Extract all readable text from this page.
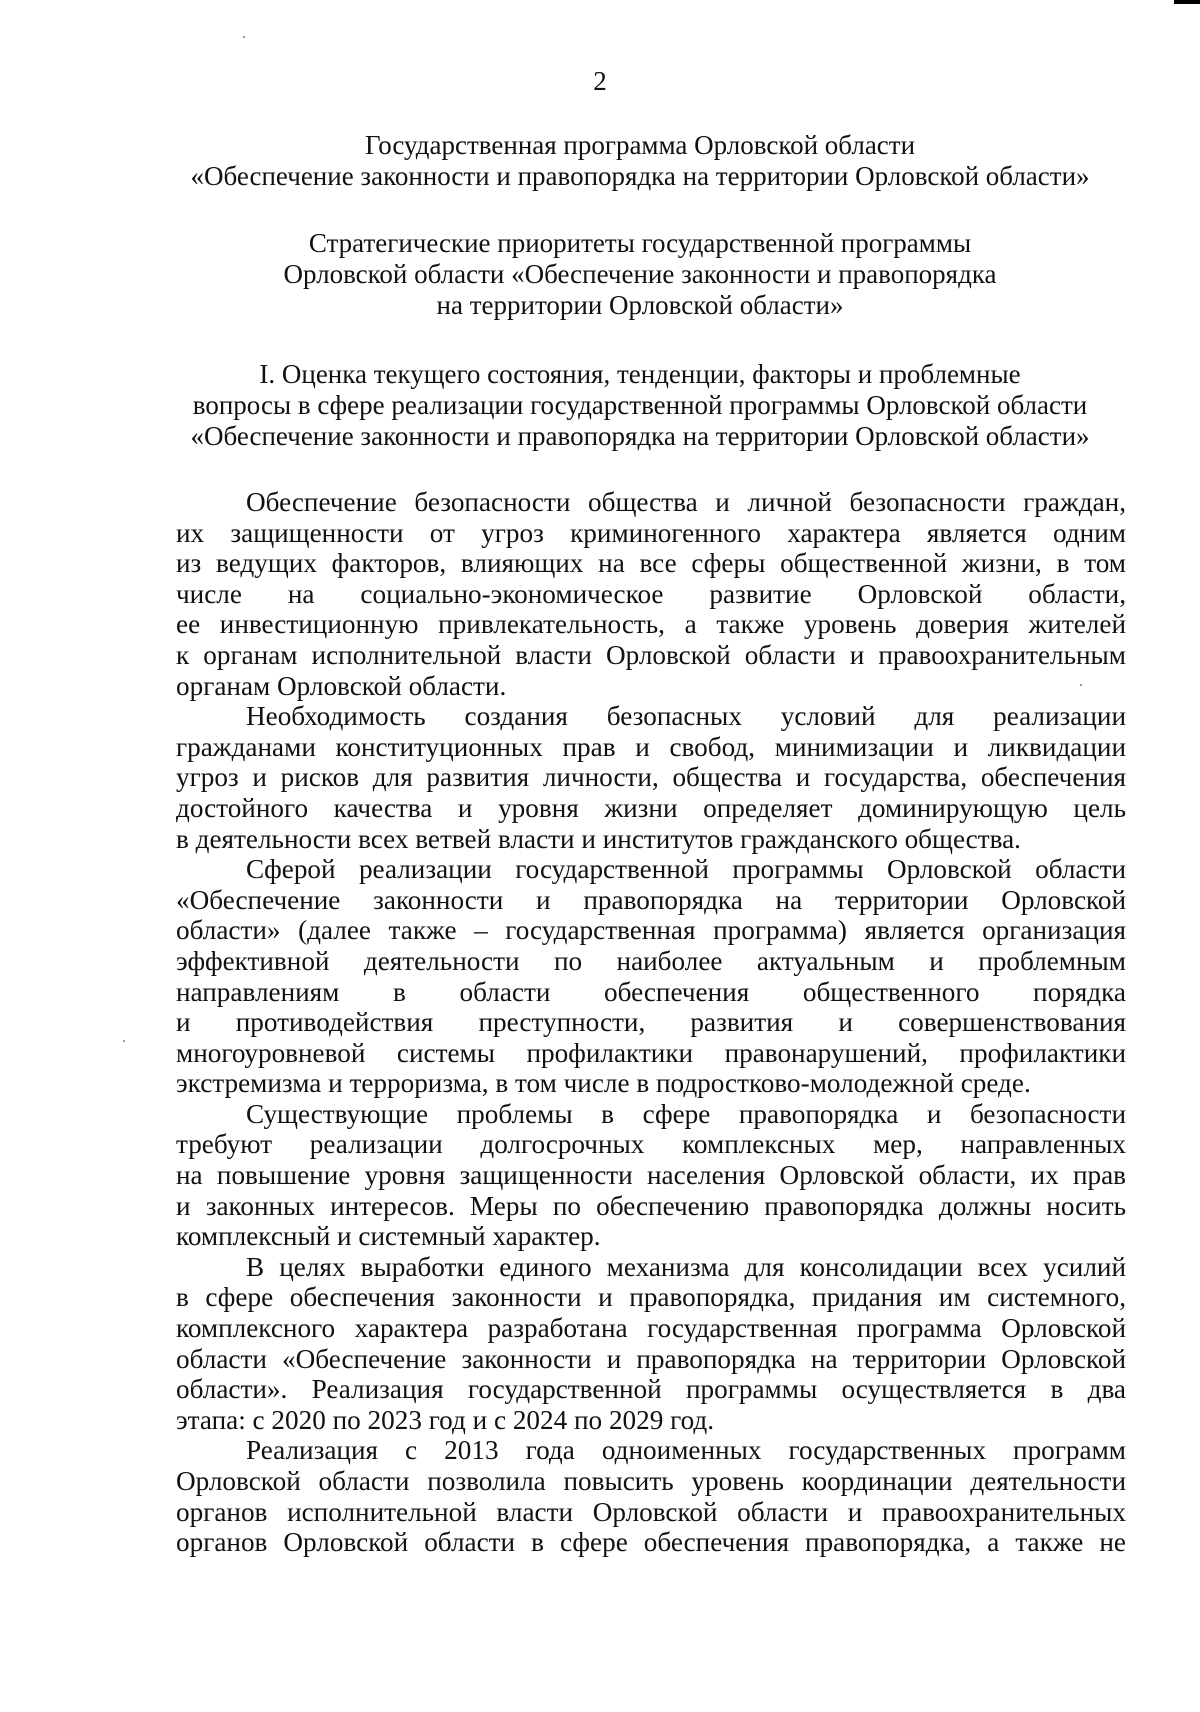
2

Государственная программа Орловской области

«Обеспечение законности и правопорядка на территории Орловской области»

Стратегические приоритеты государственной программы

Орловской области «Обеспечение законности и правопорядка

на территории Орловской области»

I. Оценка текущего состояния, тенденции, факторы и проблемные

вопросы в сфере реализации государственной программы Орловской области

«Обеспечение законности и правопорядка на территории Орловской области»

Обеспечение безопасности общества и личной безопасности граждан,
их защищенности от угроз криминогенного характера является одним
из ведущих факторов, влияющих на все сферы общественной жизни, в том
числе на социально-экономическое развитие Орловской области,
ее инвестиционную привлекательность, а также уровень доверия жителей
к органам исполнительной власти Орловской области и правоохранительным
органам Орловской области.
Необходимость создания безопасных условий для реализации
гражданами конституционных прав и свобод, минимизации и ликвидации
угроз и рисков для развития личности, общества и государства, обеспечения
достойного качества и уровня жизни определяет доминирующую цель
в деятельности всех ветвей власти и институтов гражданского общества.
Сферой реализации государственной программы Орловской области
«Обеспечение законности и правопорядка на территории Орловской
области» (далее также – государственная программа) является организация
эффективной деятельности по наиболее актуальным и проблемным
направлениям в области обеспечения общественного порядка
и противодействия преступности, развития и совершенствования
многоуровневой системы профилактики правонарушений, профилактики
экстремизма и терроризма, в том числе в подростково-молодежной среде.
Существующие проблемы в сфере правопорядка и безопасности
требуют реализации долгосрочных комплексных мер, направленных
на повышение уровня защищенности населения Орловской области, их прав
и законных интересов. Меры по обеспечению правопорядка должны носить
комплексный и системный характер.
В целях выработки единого механизма для консолидации всех усилий
в сфере обеспечения законности и правопорядка, придания им системного,
комплексного характера разработана государственная программа Орловской
области «Обеспечение законности и правопорядка на территории Орловской
области». Реализация государственной программы осуществляется в два
этапа: с 2020 по 2023 год и с 2024 по 2029 год.
Реализация с 2013 года одноименных государственных программ
Орловской области позволила повысить уровень координации деятельности
органов исполнительной власти Орловской области и правоохранительных
органов Орловской области в сфере обеспечения правопорядка, а также не
